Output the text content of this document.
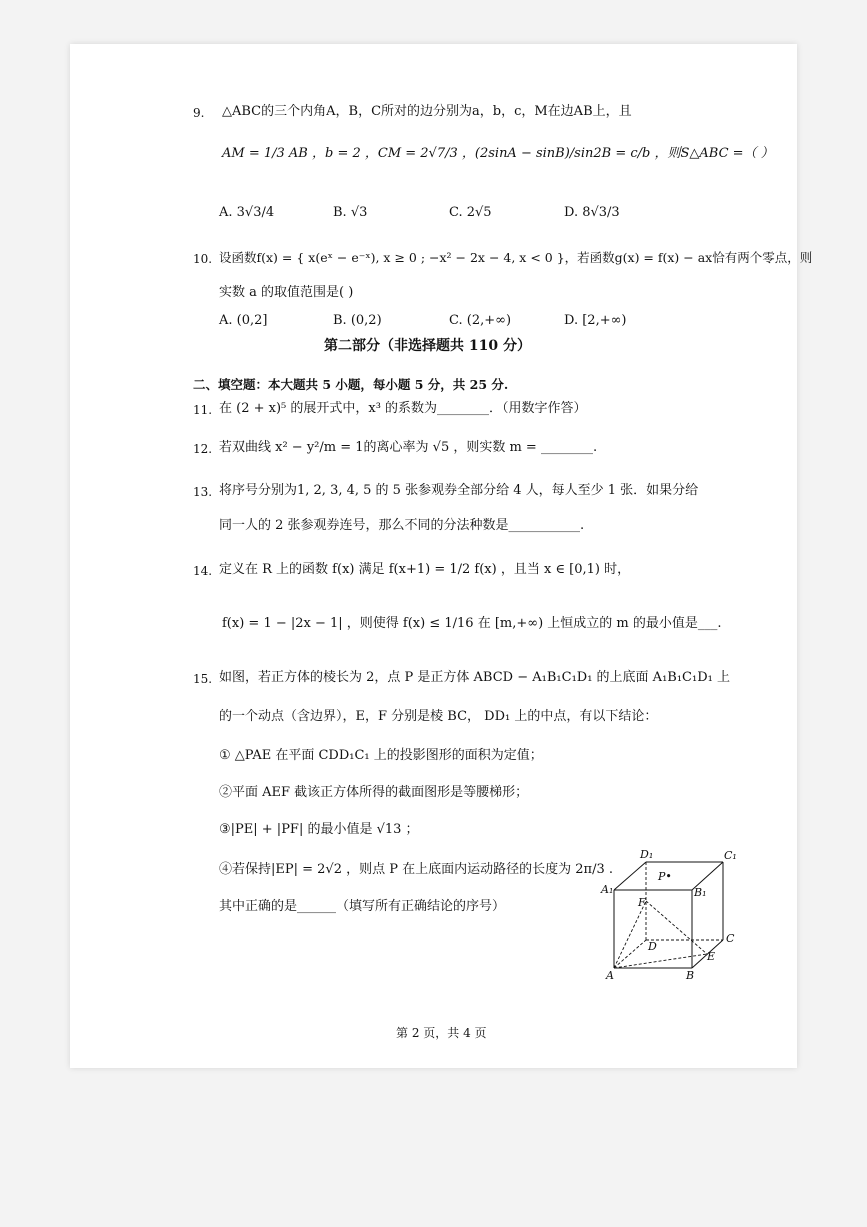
9. △ABC的三个内角A，B，C所对的边分别为a，b，c，M在边AB上，且
AM = 1/3 AB ，b = 2 ，CM = 2√7/3 ，(2sinA − sinB)/sin2B = c/b ，则S△ABC =（ ）
A. 3√3/4	B. √3	C. 2√5	D. 8√3/3
10. 设函数f(x) = { x(eˣ − e⁻ˣ), x ≥ 0 ; −x² − 2x − 4, x < 0 }，若函数g(x) = f(x) − ax恰有两个零点，则
实数 a 的取值范围是( )
A. (0,2]	B. (0,2)	C. (2,+∞)	D. [2,+∞)
第二部分（非选择题共 110 分）
二、填空题：本大题共 5 小题，每小题 5 分，共 25 分.
11. 在 (2 + x)⁵ 的展开式中，x³ 的系数为________．（用数字作答）
12. 若双曲线 x² − y²/m = 1的离心率为 √5 ，则实数 m = ________.
13. 将序号分别为1, 2, 3, 4, 5 的 5 张参观券全部分给 4 人，每人至少 1 张．如果分给
同一人的 2 张参观券连号，那么不同的分法种数是___________.
14. 定义在 R 上的函数 f(x) 满足 f(x+1) = 1/2 f(x) ，且当 x ∈ [0,1) 时，
f(x) = 1 − |2x − 1| ，则使得 f(x) ≤ 1/16 在 [m,+∞) 上恒成立的 m 的最小值是___.
15. 如图，若正方体的棱长为 2，点 P 是正方体 ABCD − A₁B₁C₁D₁ 的上底面 A₁B₁C₁D₁ 上
的一个动点（含边界），E，F 分别是棱 BC， DD₁ 上的中点，有以下结论：
① △PAE 在平面 CDD₁C₁ 上的投影图形的面积为定值；
②平面 AEF 截该正方体所得的截面图形是等腰梯形；
③|PE| + |PF| 的最小值是 √13 ；
④若保持|EP| = 2√2 ，则点 P 在上底面内运动路径的长度为 2π/3 .
其中正确的是______（填写所有正确结论的序号）
D₁	C₁
A₁	B₁
P•
F
D
C
E
A	B
第 2 页，共 4 页
